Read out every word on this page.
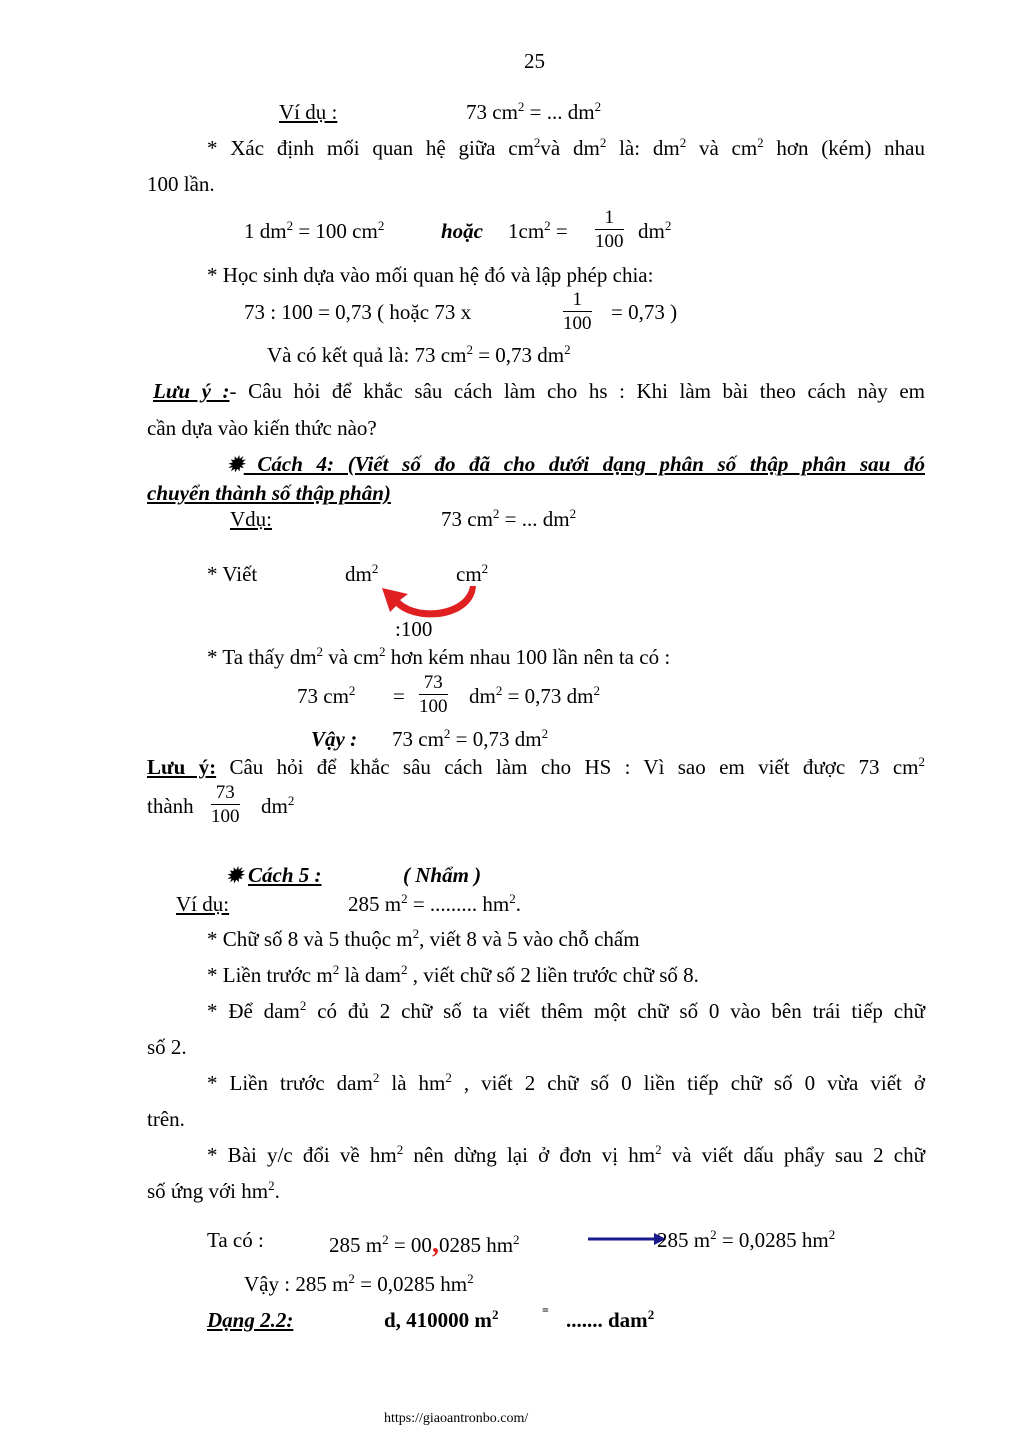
25
Ví dụ :	73 $cm^2$ = ... $dm^2$
* Xác định mối quan hệ giữa $cm^2và$ $dm^2$ là: $dm^2$ và $cm^2$ hơn (kém) nhau
100 lần.
1 $dm^2 = 100$ $cm^2$	hoặc $1cm^2 = \frac{1}{100} dm^2$
* Học sinh dựa vào mối quan hệ đó và lập phép chia:
73 : 100 = 0,73 ( hoặc 73 x	$\frac{1}{100} = 0,73$ )
Và có kết quả là: 73 $cm^2 = 0,73$ $dm^2$
Lưu ý :- Câu hỏi để khắc sâu cách làm cho hs : Khi làm bài theo cách này em
cần dựa vào kiến thức nào?
✹ Cách 4: (Viết số đo đã cho dưới dạng phân số thập phân sau đó
chuyển thành số thập phân)
Vdụ:	73 $cm^2$ = ... $dm^2$
* Viết	$dm^2$	$cm^2$
:100
* Ta thấy $dm^2$ và $cm^2$ hơn kém nhau 100 lần nên ta có :
73 $cm^2 = \frac{73}{100} dm^2 = 0,73$ $dm^2$
Vậy : 73 $cm^2 = 0,73$ $dm^2$
Lưu ý: Câu hỏi để khắc sâu cách làm cho HS : Vì sao em viết được 73 $cm^2$
thành $\frac{73}{100} dm^2$
✹ Cách 5 :	( Nhẩm )
Ví dụ:	285 $m^2$ = ......... $hm^2$.
* Chữ số 8 và 5 thuộc $m^2$, viết 8 và 5 vào chỗ chấm
* Liền trước $m^2$ là dam$^2$ , viết chữ số 2 liền trước chữ số 8.
* Để dam$^2$ có đủ 2 chữ số ta viết thêm một chữ số 0 vào bên trái tiếp chữ
số 2.
* Liền trước dam$^2$ là $hm^2$ , viết 2 chữ số 0 liền tiếp chữ số 0 vừa viết ở
trên.
* Bài y/c đổi về $hm^2$ nên dừng lại ở đơn vị $hm^2$ và viết dấu phẩy sau 2 chữ
số ứng với $hm^2$.
Ta có :	285 $m^2 = 00,0285$ $hm^2$	285 $m^2 = 0,0285$ $hm^2$
Vậy : 285 $m^2 = 0,0285$ $hm^2$
Dạng 2.2:	d, 410000 $m^2$	= ....... dam$^2$
https://giaoantronbo.com/
